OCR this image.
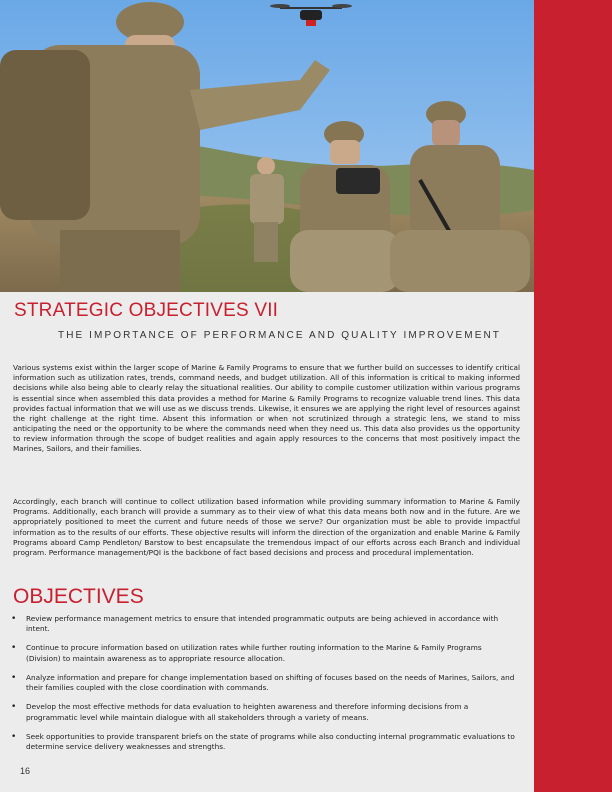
STRATEGIC OBJECTIVES VII
THE IMPORTANCE OF PERFORMANCE AND QUALITY IMPROVEMENT

Various systems exist within the larger scope of Marine & Family Programs to ensure that we further build on successes to identify critical information such as utilization rates, trends, command needs, and budget utilization. All of this information is critical to making informed decisions while also being able to clearly relay the situational realities. Our ability to compile customer utilization within various programs is essential since when assembled this data provides a method for Marine & Family Programs to recognize valuable trend lines. This data provides factual information that we will use as we discuss trends. Likewise, it ensures we are applying the right level of resources against the right challenge at the right time. Absent this information or when not scrutinized through a strategic lens, we stand to miss anticipating the need or the opportunity to be where the commands need when they need us. This data also provides us the opportunity to review information through the scope of budget realities and again apply resources to the concerns that most positively impact the Marines, Sailors, and their families.

Accordingly, each branch will continue to collect utilization based information while providing summary information to Marine & Family Programs. Additionally, each branch will provide a summary as to their view of what this data means both now and in the future. Are we appropriately positioned to meet the current and future needs of those we serve? Our organization must be able to provide impactful information as to the results of our efforts. These objective results will inform the direction of the organization and enable Marine & Family Programs aboard Camp Pendleton/ Barstow to best encapsulate the tremendous impact of our efforts across each Branch and individual program. Performance management/PQI is the backbone of fact based decisions and process and procedural implementation.

OBJECTIVES
• Review performance management metrics to ensure that intended programmatic outputs are being achieved in accordance with intent.
• Continue to procure information based on utilization rates while further routing information to the Marine & Family Programs (Division) to maintain awareness as to appropriate resource allocation.
• Analyze information and prepare for change implementation based on shifting of focuses based on the needs of Marines, Sailors, and their families coupled with the close coordination with commands.
• Develop the most effective methods for data evaluation to heighten awareness and therefore informing decisions from a programmatic level while maintain dialogue with all stakeholders through a variety of means.
• Seek opportunities to provide transparent briefs on the state of programs while also conducting internal programmatic evaluations to determine service delivery weaknesses and strengths.
16
